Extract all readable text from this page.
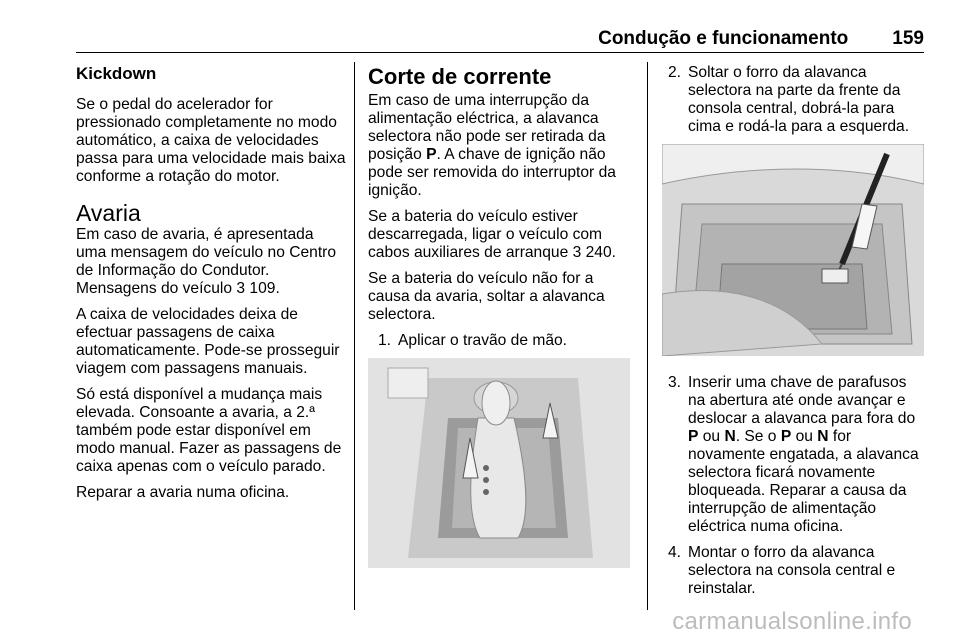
Condução e funcionamento 159
Kickdown

Se o pedal do acelerador for pressionado completamente no modo automático, a caixa de velocidades passa para uma velocidade mais baixa conforme a rotação do motor.

Avaria

Em caso de avaria, é apresentada uma mensagem do veículo no Centro de Informação do Condutor. Mensagens do veículo 3 109.

A caixa de velocidades deixa de efectuar passagens de caixa automaticamente. Pode-se prosseguir viagem com passagens manuais.

Só está disponível a mudança mais elevada. Consoante a avaria, a 2.ª também pode estar disponível em modo manual. Fazer as passagens de caixa apenas com o veículo parado.

Reparar a avaria numa oficina.

Corte de corrente

Em caso de uma interrupção da alimentação eléctrica, a alavanca selectora não pode ser retirada da posição P. A chave de ignição não pode ser removida do interruptor da ignição.

Se a bateria do veículo estiver descarregada, ligar o veículo com cabos auxiliares de arranque 3 240.

Se a bateria do veículo não for a causa da avaria, soltar a alavanca selectora.

1. Aplicar o travão de mão.
2. Soltar o forro da alavanca selectora na parte da frente da consola central, dobrá-la para cima e rodá-la para a esquerda.
3. Inserir uma chave de parafusos na abertura até onde avançar e deslocar a alavanca para fora do P ou N. Se o P ou N for novamente engatada, a alavanca selectora ficará novamente bloqueada. Reparar a causa da interrupção de alimentação eléctrica numa oficina.
4. Montar o forro da alavanca selectora na consola central e reinstalar.
carmanualsonline.info
